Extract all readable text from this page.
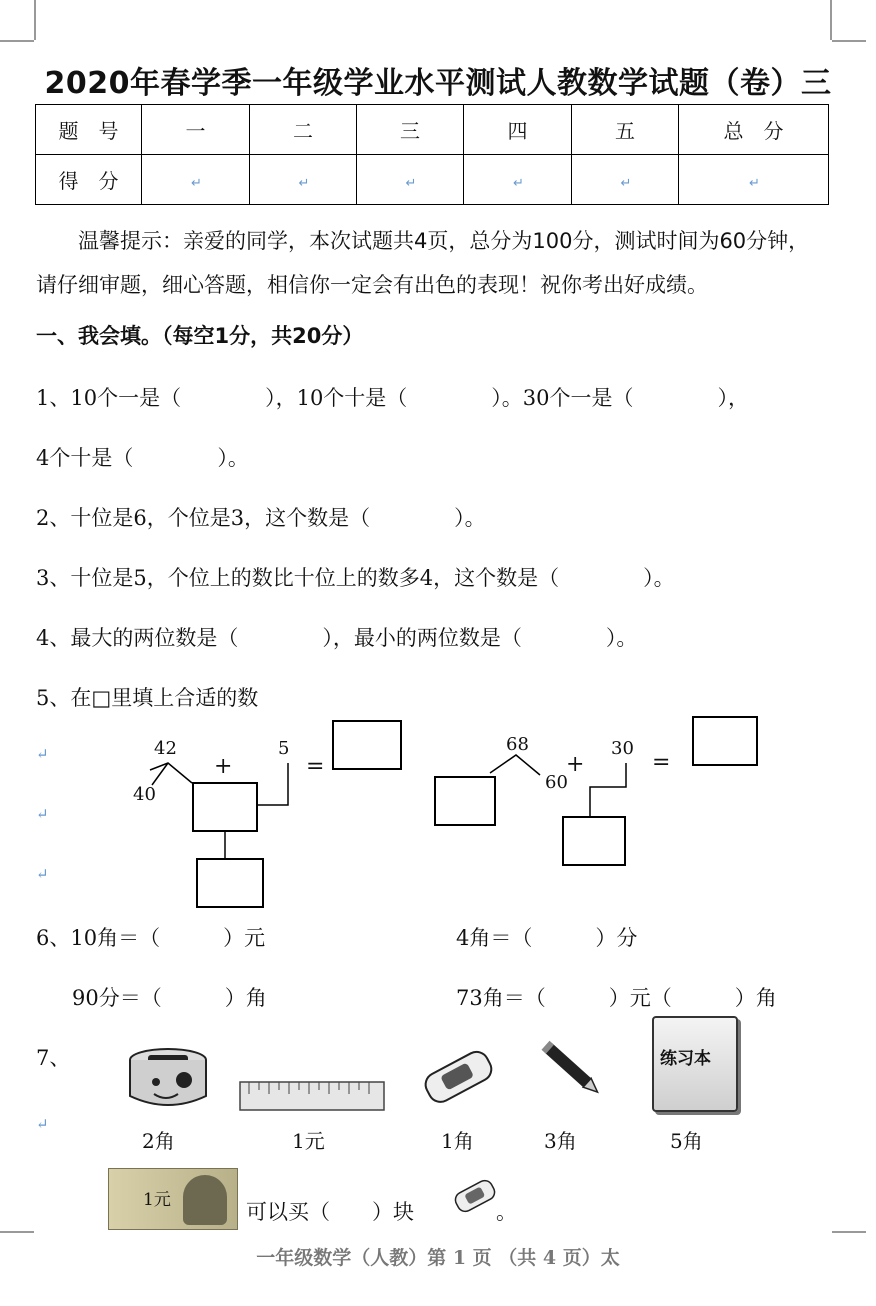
2020年春学季一年级学业水平测试人教数学试题（卷）三
题　号	一	二	三	四	五	总　分
得　分	↵	↵	↵	↵	↵	↵
温馨提示：亲爱的同学，本次试题共4页，总分为100分，测试时间为60分钟，
请仔细审题，细心答题，相信你一定会有出色的表现！祝你考出好成绩。
一、我会填。（每空1分，共20分）
1、10个一是（　　　　），10个十是（　　　　）。30个一是（　　　　），
4个十是（　　　　）。
2、十位是6，个位是3，这个数是（　　　　）。
3、十位是5，个位上的数比十位上的数多4，这个数是（　　　　）。
4、最大的两位数是（　　　　），最小的两位数是（　　　　）。
5、在□里填上合适的数
42
40
+
5
=
68
60
+
30
=
↵
↵
↵
6、10角＝（　　　）元	4角＝（　　　）分
90分＝（　　　）角	73角＝（　　　）元（　　　）角
7、	练习本
2角	1元	1角	3角	5角
↵
1元	可以买（　　）块	。
一年级数学（人教）第 1 页 （共 4 页）太
